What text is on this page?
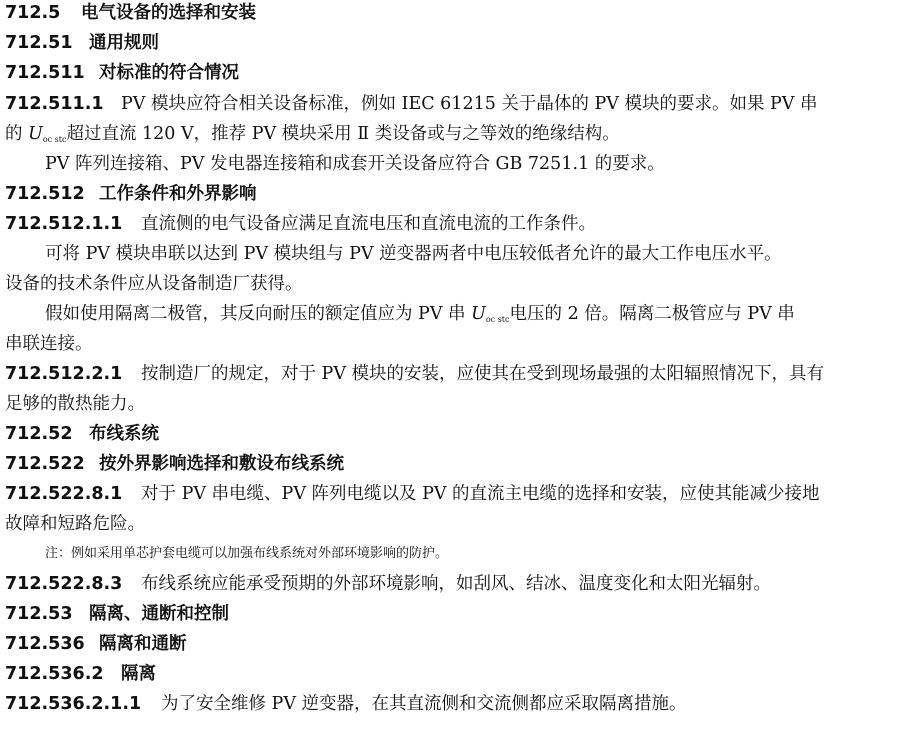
712.5 电气设备的选择和安装
712.51 通用规则
712.511 对标准的符合情况
712.511.1 PV 模块应符合相关设备标准，例如 IEC 61215 关于晶体的 PV 模块的要求。如果 PV 串
的 $U_{oc stc}$超过直流 120 V，推荐 PV 模块采用 Ⅱ 类设备或与之等效的绝缘结构。
PV 阵列连接箱、PV 发电器连接箱和成套开关设备应符合 GB 7251.1 的要求。
712.512 工作条件和外界影响
712.512.1.1 直流侧的电气设备应满足直流电压和直流电流的工作条件。
可将 PV 模块串联以达到 PV 模块组与 PV 逆变器两者中电压较低者允许的最大工作电压水平。
设备的技术条件应从设备制造厂获得。
假如使用隔离二极管，其反向耐压的额定值应为 PV 串 $U_{oc stc}$电压的 2 倍。隔离二极管应与 PV 串
串联连接。
712.512.2.1 按制造厂的规定，对于 PV 模块的安装，应使其在受到现场最强的太阳辐照情况下，具有
足够的散热能力。
712.52 布线系统
712.522 按外界影响选择和敷设布线系统
712.522.8.1 对于 PV 串电缆、PV 阵列电缆以及 PV 的直流主电缆的选择和安装，应使其能减少接地
故障和短路危险。
注：例如采用单芯护套电缆可以加强布线系统对外部环境影响的防护。
712.522.8.3 布线系统应能承受预期的外部环境影响，如刮风、结冰、温度变化和太阳光辐射。
712.53 隔离、通断和控制
712.536 隔离和通断
712.536.2 隔离
712.536.2.1.1 为了安全维修 PV 逆变器，在其直流侧和交流侧都应采取隔离措施。
